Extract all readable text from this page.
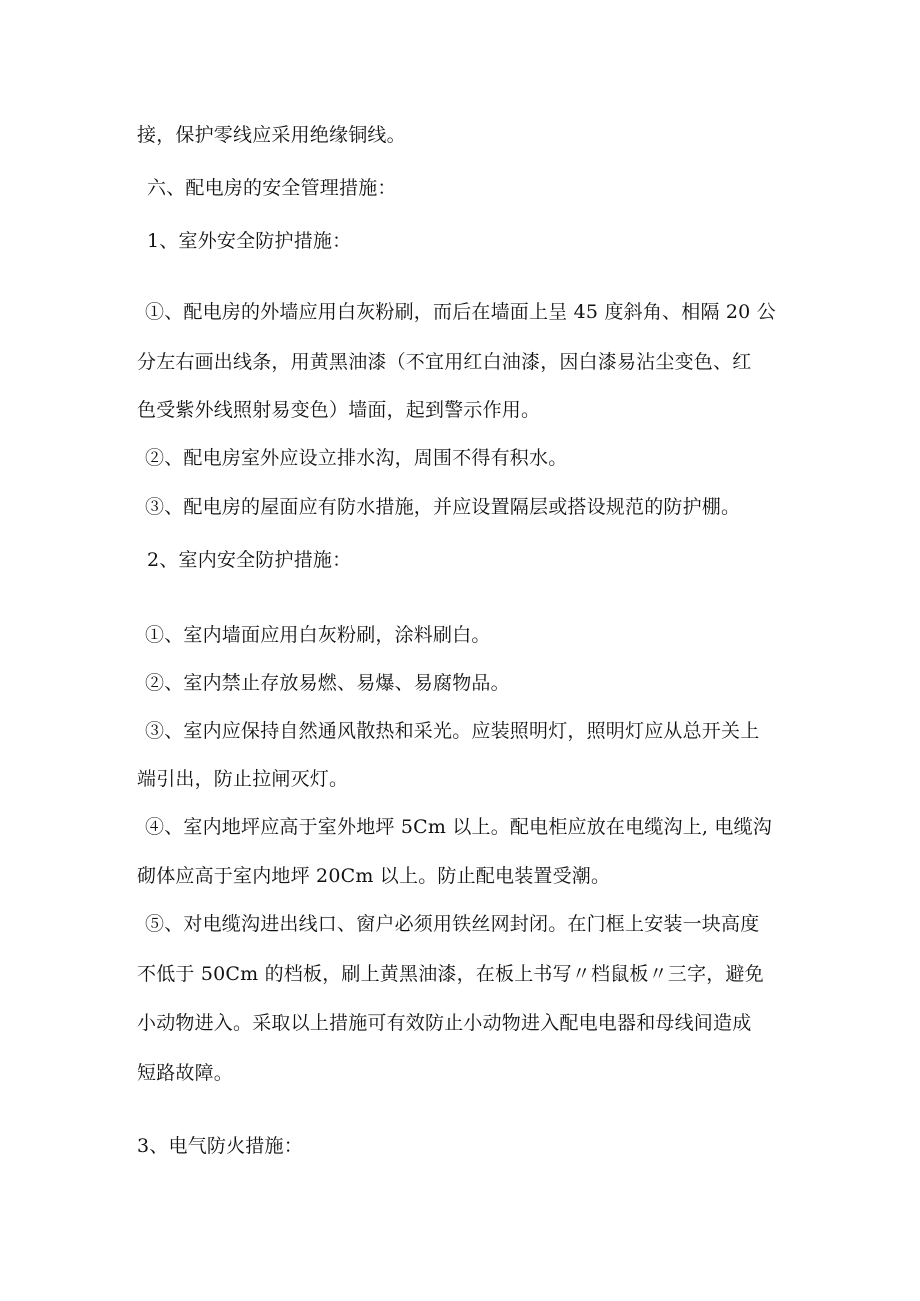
接，保护零线应采用绝缘铜线。
六、配电房的安全管理措施：
1、室外安全防护措施：
①、配电房的外墙应用白灰粉刷，而后在墙面上呈 45 度斜角、相隔 20 公
分左右画出线条，用黄黑油漆（不宜用红白油漆，因白漆易沾尘变色、红
色受紫外线照射易变色）墙面，起到警示作用。
②、配电房室外应设立排水沟，周围不得有积水。
③、配电房的屋面应有防水措施，并应设置隔层或搭设规范的防护棚。
2、室内安全防护措施：
①、室内墙面应用白灰粉刷，涂料刷白。
②、室内禁止存放易燃、易爆、易腐物品。
③、室内应保持自然通风散热和采光。应装照明灯，照明灯应从总开关上
端引出，防止拉闸灭灯。
④、室内地坪应高于室外地坪 5Cm 以上。配电柜应放在电缆沟上, 电缆沟
砌体应高于室内地坪 20Cm 以上。防止配电装置受潮。
⑤、对电缆沟进出线口、窗户必须用铁丝网封闭。在门框上安装一块高度
不低于 50Cm 的档板，刷上黄黑油漆，在板上书写〃档鼠板〃三字，避免
小动物进入。采取以上措施可有效防止小动物进入配电电器和母线间造成
短路故障。
3、电气防火措施：
